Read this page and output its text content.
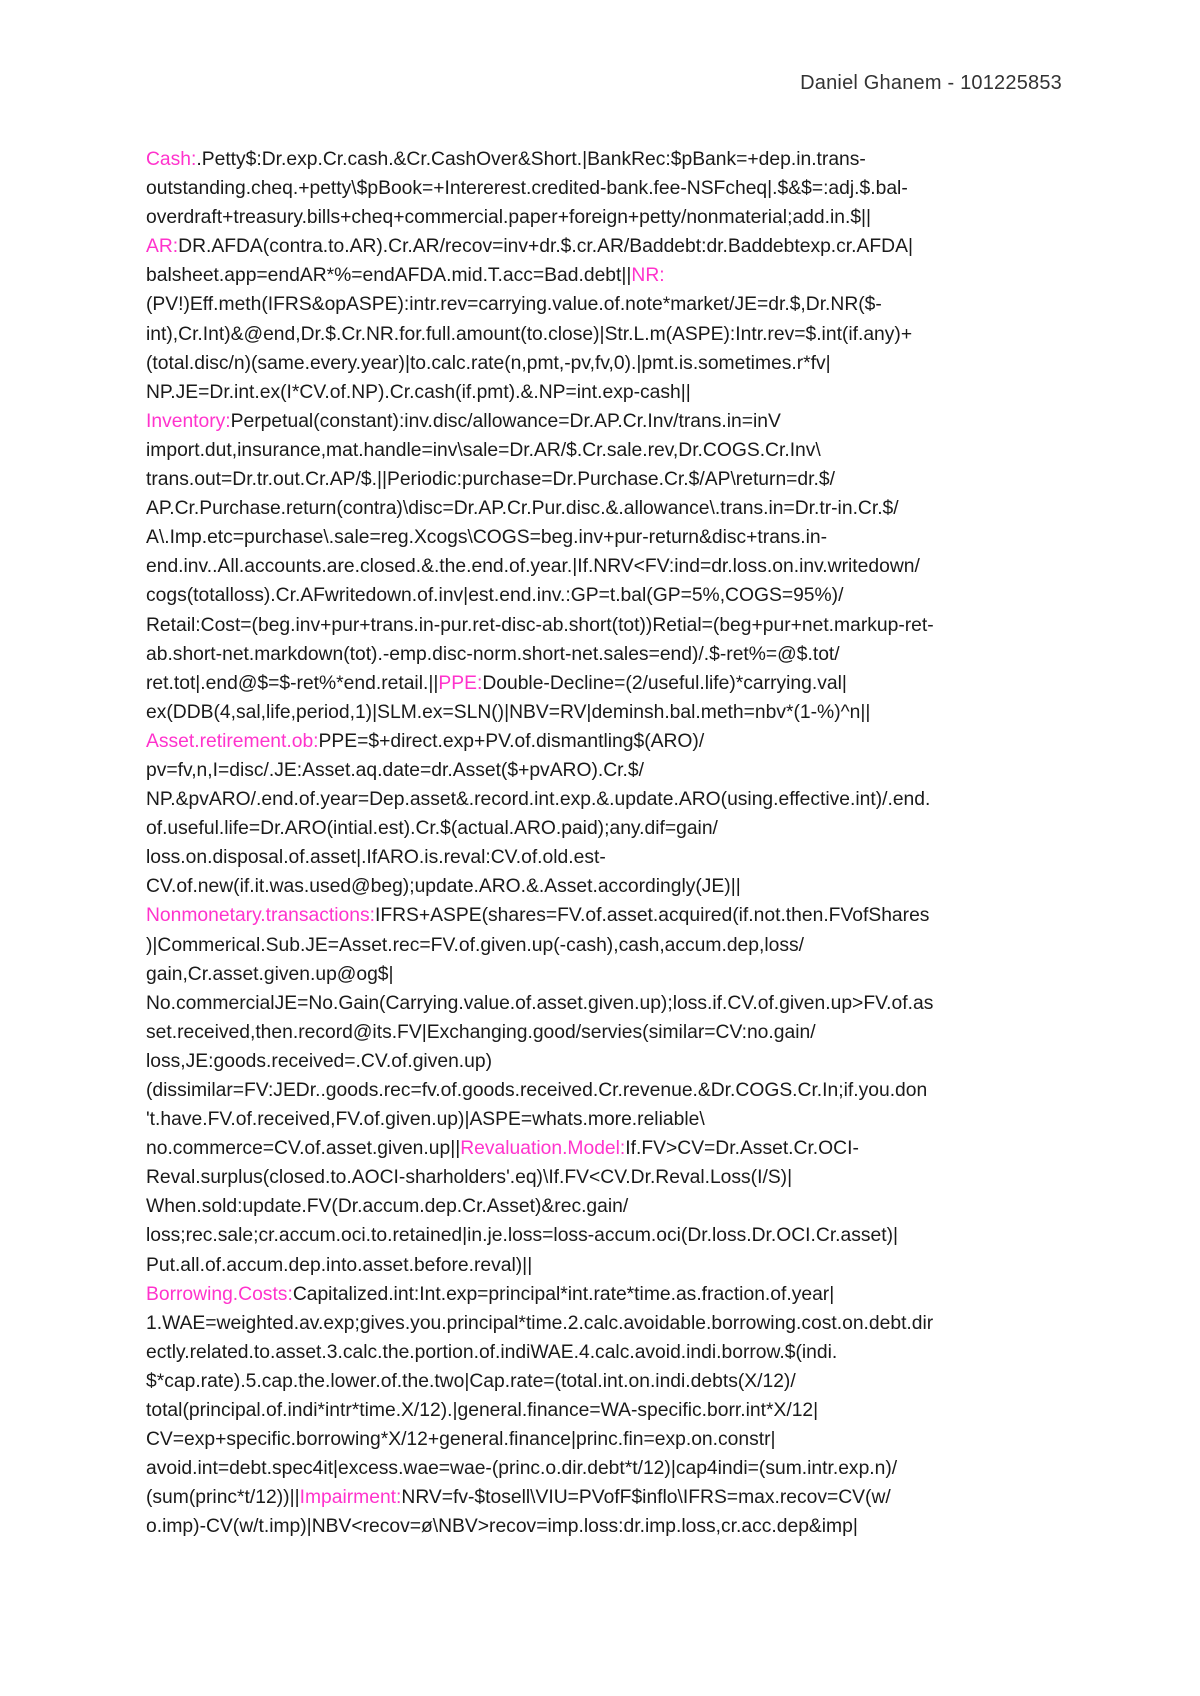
Daniel Ghanem - 101225853
Cash:.Petty$:Dr.exp.Cr.cash.&Cr.CashOver&Short.|BankRec:$pBank=+dep.in.trans-
outstanding.cheq.+petty\$pBook=+Intererest.credited-bank.fee-NSFcheq|.$&$=:adj.$.bal-
overdraft+treasury.bills+cheq+commercial.paper+foreign+petty/nonmaterial;add.in.$||
AR:DR.AFDA(contra.to.AR).Cr.AR/recov=inv+dr.$.cr.AR/Baddebt:dr.Baddebtexp.cr.AFDA|
balsheet.app=endAR*%=endAFDA.mid.T.acc=Bad.debt||NR:
(PV!)Eff.meth(IFRS&opASPE):intr.rev=carrying.value.of.note*market/JE=dr.$,Dr.NR($-
int),Cr.Int)&@end,Dr.$.Cr.NR.for.full.amount(to.close)|Str.L.m(ASPE):Intr.rev=$.int(if.any)+
(total.disc/n)(same.every.year)|to.calc.rate(n,pmt,-pv,fv,0).|pmt.is.sometimes.r*fv|
NP.JE=Dr.int.ex(I*CV.of.NP).Cr.cash(if.pmt).&.NP=int.exp-cash||
Inventory:Perpetual(constant):inv.disc/allowance=Dr.AP.Cr.Inv/trans.in=inV
import.dut,insurance,mat.handle=inv\sale=Dr.AR/$.Cr.sale.rev,Dr.COGS.Cr.Inv\
trans.out=Dr.tr.out.Cr.AP/$.||Periodic:purchase=Dr.Purchase.Cr.$/AP\return=dr.$/
AP.Cr.Purchase.return(contra)\disc=Dr.AP.Cr.Pur.disc.&.allowance\.trans.in=Dr.tr-in.Cr.$/
A\.Imp.etc=purchase\.sale=reg.Xcogs\COGS=beg.inv+pur-return&disc+trans.in-
end.inv..All.accounts.are.closed.&.the.end.of.year.|If.NRV<FV:ind=dr.loss.on.inv.writedown/
cogs(totalloss).Cr.AFwritedown.of.inv|est.end.inv.:GP=t.bal(GP=5%,COGS=95%)/
Retail:Cost=(beg.inv+pur+trans.in-pur.ret-disc-ab.short(tot))Retial=(beg+pur+net.markup-ret-
ab.short-net.markdown(tot).-emp.disc-norm.short-net.sales=end)/.$-ret%=@$.tot/
ret.tot|.end@$=$-ret%*end.retail.||PPE:Double-Decline=(2/useful.life)*carrying.val|
ex(DDB(4,sal,life,period,1)|SLM.ex=SLN()|NBV=RV|deminsh.bal.meth=nbv*(1-%)^n||
Asset.retirement.ob:PPE=$+direct.exp+PV.of.dismantling$(ARO)/
pv=fv,n,I=disc/.JE:Asset.aq.date=dr.Asset($+pvARO).Cr.$/
NP.&pvARO/.end.of.year=Dep.asset&.record.int.exp.&.update.ARO(using.effective.int)/.end.
of.useful.life=Dr.ARO(intial.est).Cr.$(actual.ARO.paid);any.dif=gain/
loss.on.disposal.of.asset|.IfARO.is.reval:CV.of.old.est-
CV.of.new(if.it.was.used@beg);update.ARO.&.Asset.accordingly(JE)||
Nonmonetary.transactions:IFRS+ASPE(shares=FV.of.asset.acquired(if.not.then.FVofShares
)|Commerical.Sub.JE=Asset.rec=FV.of.given.up(-cash),cash,accum.dep,loss/
gain,Cr.asset.given.up@og$|
No.commercialJE=No.Gain(Carrying.value.of.asset.given.up);loss.if.CV.of.given.up>FV.of.as
set.received,then.record@its.FV|Exchanging.good/servies(similar=CV:no.gain/
loss,JE:goods.received=.CV.of.given.up)
(dissimilar=FV:JEDr..goods.rec=fv.of.goods.received.Cr.revenue.&Dr.COGS.Cr.In;if.you.don
't.have.FV.of.received,FV.of.given.up)|ASPE=whats.more.reliable\
no.commerce=CV.of.asset.given.up||Revaluation.Model:If.FV>CV=Dr.Asset.Cr.OCI-
Reval.surplus(closed.to.AOCI-sharholders'.eq)\If.FV<CV.Dr.Reval.Loss(I/S)|
When.sold:update.FV(Dr.accum.dep.Cr.Asset)&rec.gain/
loss;rec.sale;cr.accum.oci.to.retained|in.je.loss=loss-accum.oci(Dr.loss.Dr.OCI.Cr.asset)|
Put.all.of.accum.dep.into.asset.before.reval)||
Borrowing.Costs:Capitalized.int:Int.exp=principal*int.rate*time.as.fraction.of.year|
1.WAE=weighted.av.exp;gives.you.principal*time.2.calc.avoidable.borrowing.cost.on.debt.dir
ectly.related.to.asset.3.calc.the.portion.of.indiWAE.4.calc.avoid.indi.borrow.$(indi.
$*cap.rate).5.cap.the.lower.of.the.two|Cap.rate=(total.int.on.indi.debts(X/12)/
total(principal.of.indi*intr*time.X/12).|general.finance=WA-specific.borr.int*X/12|
CV=exp+specific.borrowing*X/12+general.finance|princ.fin=exp.on.constr|
avoid.int=debt.spec4it|excess.wae=wae-(princ.o.dir.debt*t/12)|cap4indi=(sum.intr.exp.n)/
(sum(princ*t/12))||Impairment:NRV=fv-$tosell\VIU=PVofF$inflo\IFRS=max.recov=CV(w/
o.imp)-CV(w/t.imp)|NBV<recov=ø\NBV>recov=imp.loss:dr.imp.loss,cr.acc.dep&imp|
